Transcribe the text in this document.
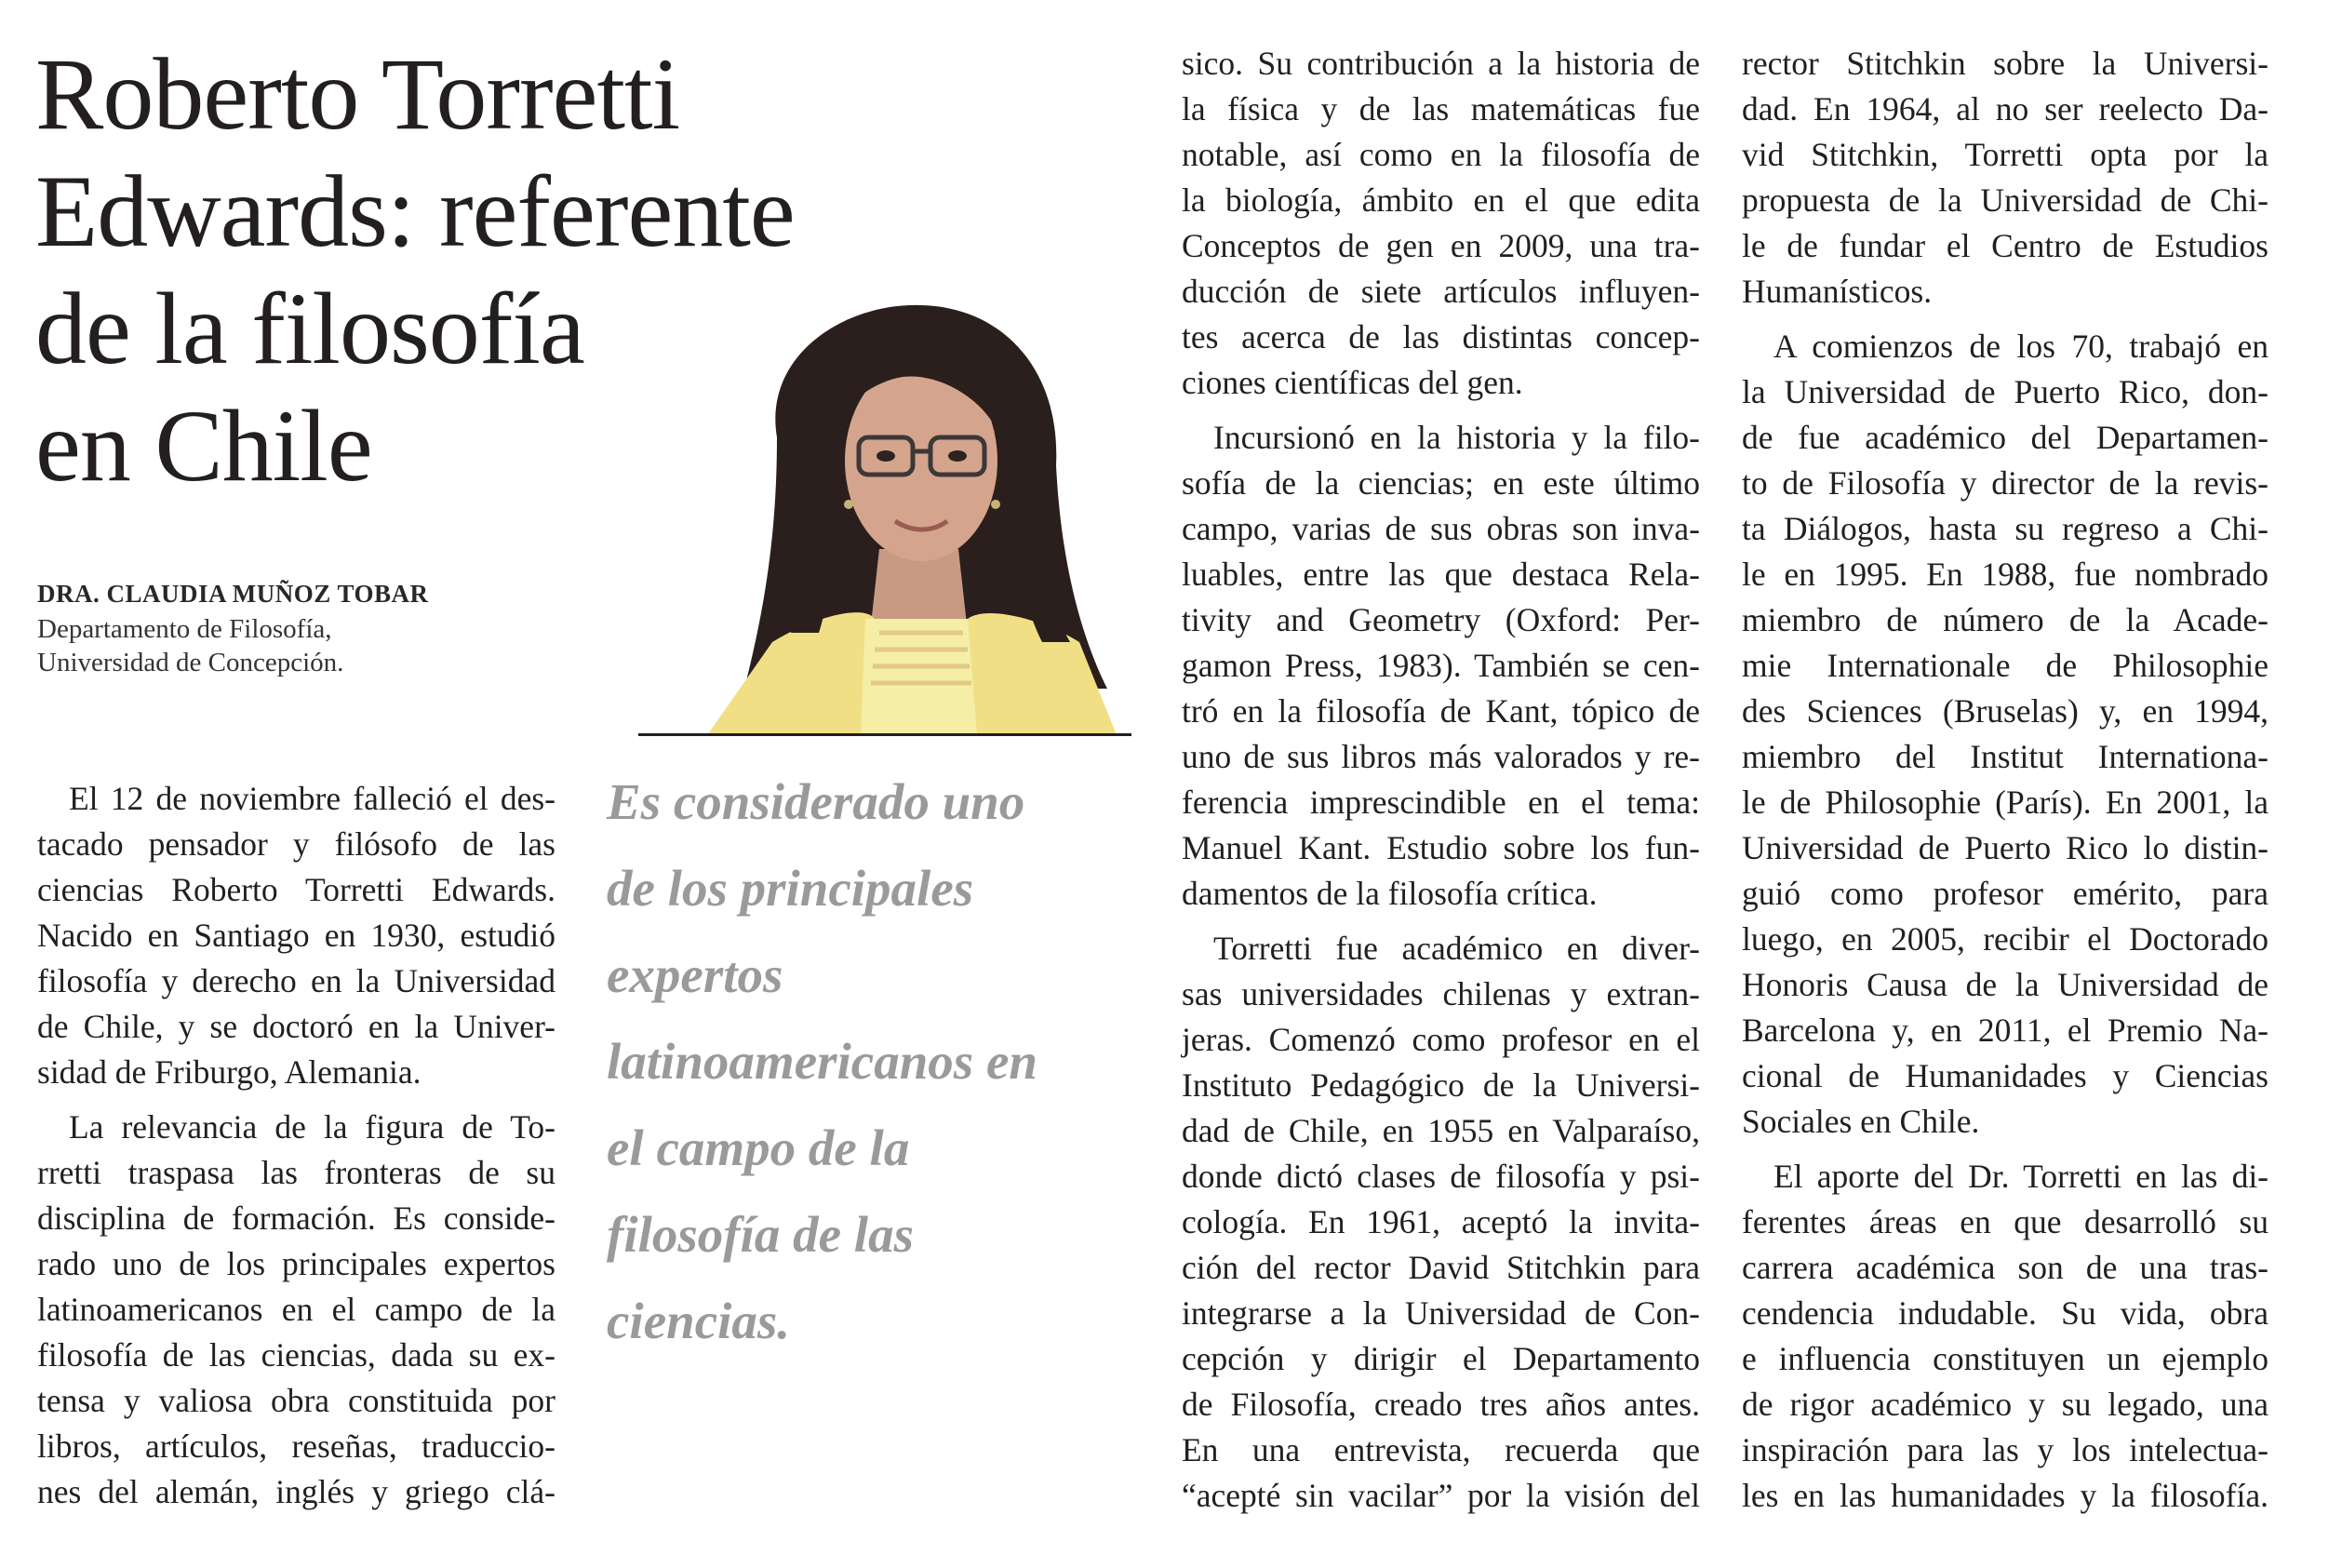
Roberto Torretti
Edwards: referente
de la filosofía
en Chile
DRA. CLAUDIA MUÑOZ TOBAR
Departamento de Filosofía,
Universidad de Concepción.
Es considerado uno
de los principales
expertos
latinoamericanos en
el campo de la
filosofía de las
ciencias.
El 12 de noviembre falleció el des-
tacado pensador y filósofo de las
ciencias Roberto Torretti Edwards.
Nacido en Santiago en 1930, estudió
filosofía y derecho en la Universidad
de Chile, y se doctoró en la Univer-
sidad de Friburgo, Alemania.
La relevancia de la figura de To-
rretti traspasa las fronteras de su
disciplina de formación. Es conside-
rado uno de los principales expertos
latinoamericanos en el campo de la
filosofía de las ciencias, dada su ex-
tensa y valiosa obra constituida por
libros, artículos, reseñas, traduccio-
nes del alemán, inglés y griego clá-
sico. Su contribución a la historia de
la física y de las matemáticas fue
notable, así como en la filosofía de
la biología, ámbito en el que edita
Conceptos de gen en 2009, una tra-
ducción de siete artículos influyen-
tes acerca de las distintas concep-
ciones científicas del gen.
Incursionó en la historia y la filo-
sofía de la ciencias; en este último
campo, varias de sus obras son inva-
luables, entre las que destaca Rela-
tivity and Geometry (Oxford: Per-
gamon Press, 1983). También se cen-
tró en la filosofía de Kant, tópico de
uno de sus libros más valorados y re-
ferencia imprescindible en el tema:
Manuel Kant. Estudio sobre los fun-
damentos de la filosofía crítica.
Torretti fue académico en diver-
sas universidades chilenas y extran-
jeras. Comenzó como profesor en el
Instituto Pedagógico de la Universi-
dad de Chile, en 1955 en Valparaíso,
donde dictó clases de filosofía y psi-
cología. En 1961, aceptó la invita-
ción del rector David Stitchkin para
integrarse a la Universidad de Con-
cepción y dirigir el Departamento
de Filosofía, creado tres años antes.
En una entrevista, recuerda que
“acepté sin vacilar” por la visión del
rector Stitchkin sobre la Universi-
dad. En 1964, al no ser reelecto Da-
vid Stitchkin, Torretti opta por la
propuesta de la Universidad de Chi-
le de fundar el Centro de Estudios
Humanísticos.
A comienzos de los 70, trabajó en
la Universidad de Puerto Rico, don-
de fue académico del Departamen-
to de Filosofía y director de la revis-
ta Diálogos, hasta su regreso a Chi-
le en 1995. En 1988, fue nombrado
miembro de número de la Acade-
mie Internationale de Philosophie
des Sciences (Bruselas) y, en 1994,
miembro del Institut Internationa-
le de Philosophie (París). En 2001, la
Universidad de Puerto Rico lo distin-
guió como profesor emérito, para
luego, en 2005, recibir el Doctorado
Honoris Causa de la Universidad de
Barcelona y, en 2011, el Premio Na-
cional de Humanidades y Ciencias
Sociales en Chile.
El aporte del Dr. Torretti en las di-
ferentes áreas en que desarrolló su
carrera académica son de una tras-
cendencia indudable. Su vida, obra
e influencia constituyen un ejemplo
de rigor académico y su legado, una
inspiración para las y los intelectua-
les en las humanidades y la filosofía.
